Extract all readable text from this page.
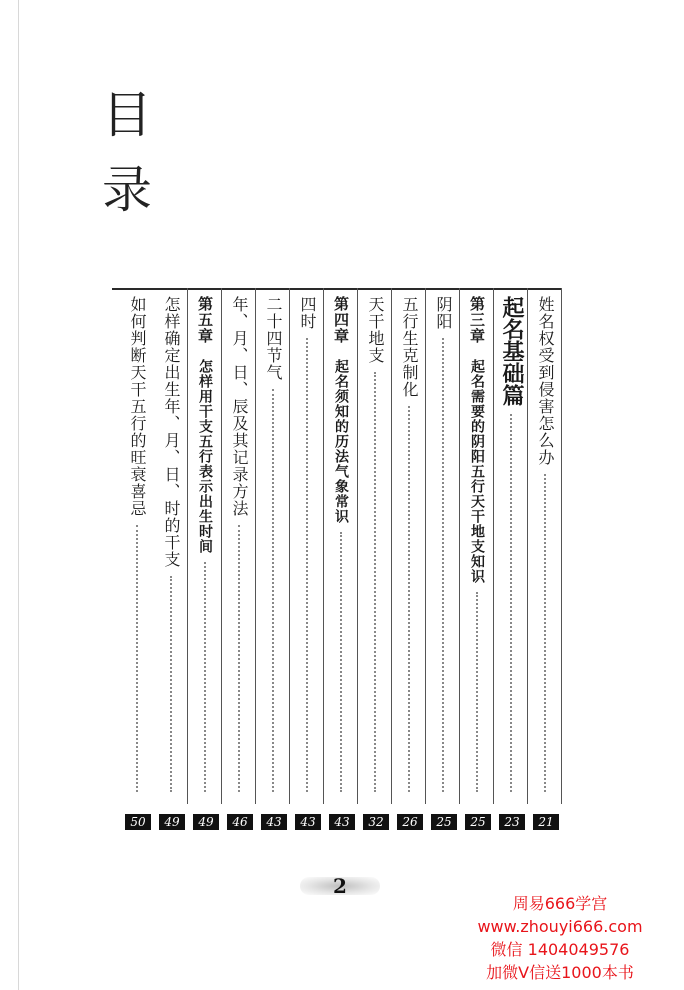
目
录
姓名权受到侵害怎么办
21
起名基础篇
23
第三章　起名需要的阴阳五行天干地支知识
25
阴阳
25
五行生克制化
26
天干地支
32
第四章　起名须知的历法气象常识
43
四时
43
二十四节气
43
年、月、日、辰及其记录方法
46
第五章　怎样用干支五行表示出生时间
49
怎样确定出生年、月、日、时的干支
49
如何判断天干五行的旺衰喜忌
50
2
周易666学宫
www.zhouyi666.com
微信 1404049576
加微V信送1000本书
